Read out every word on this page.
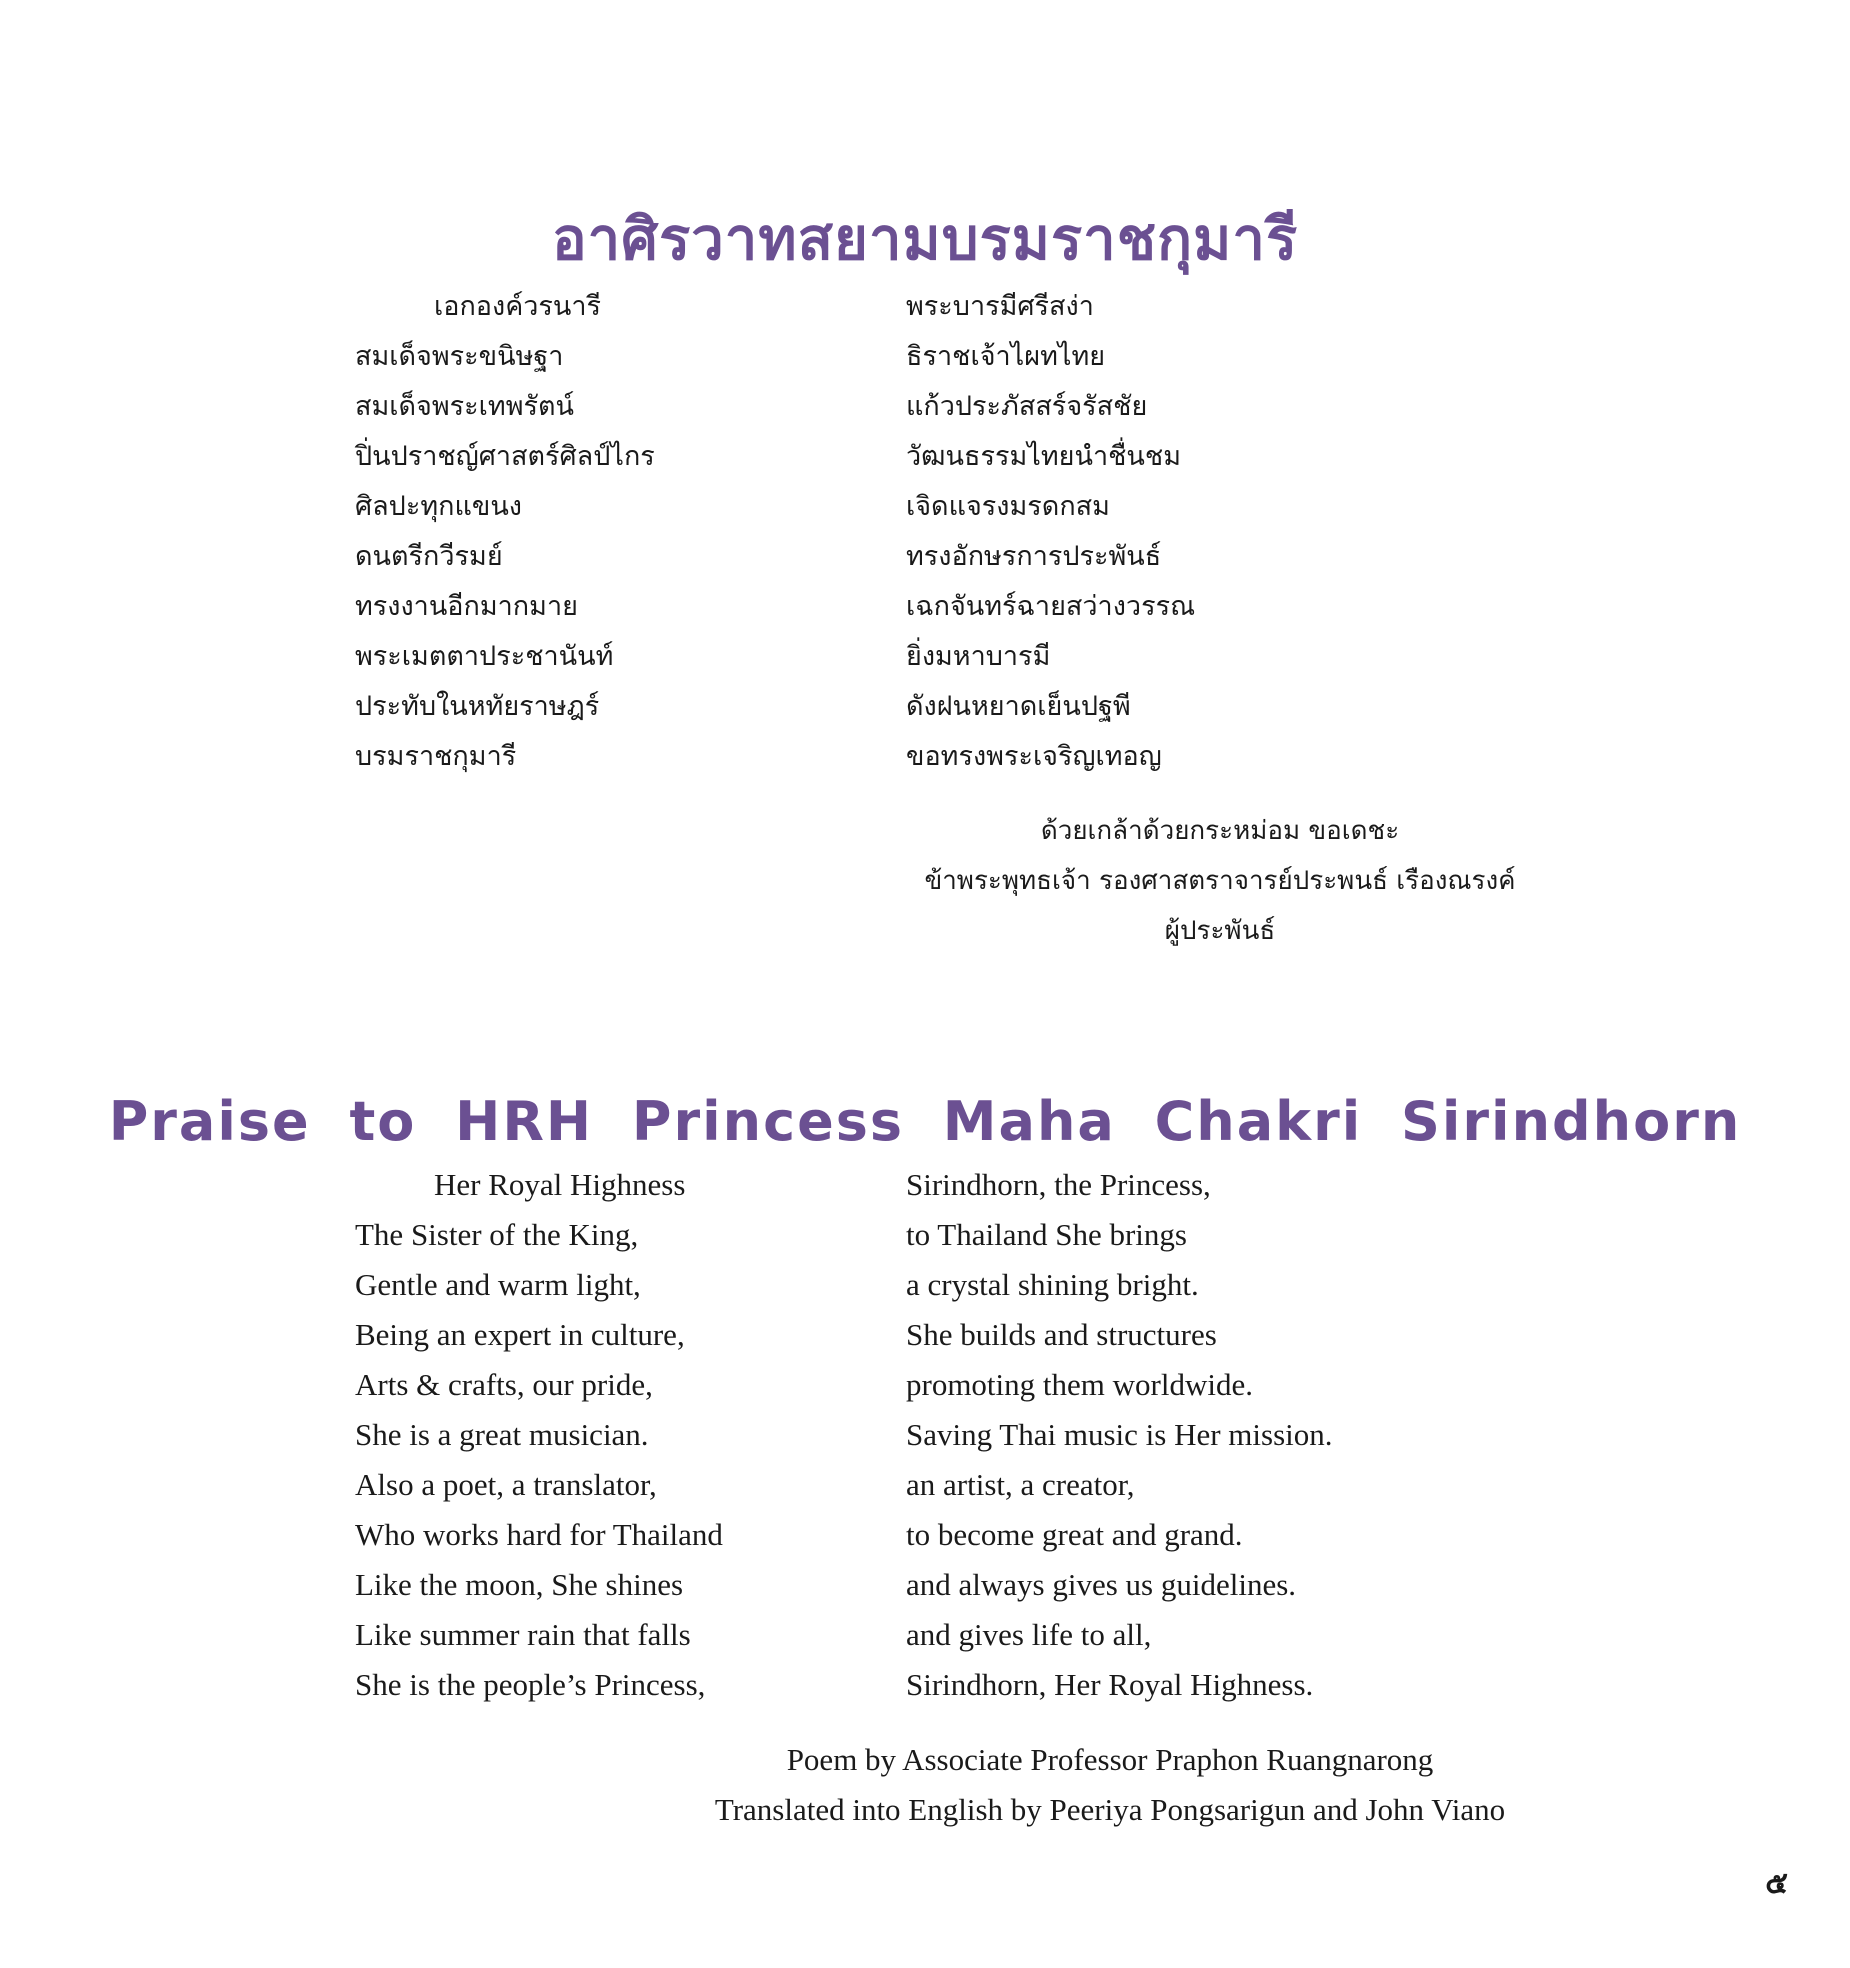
อาศิรวาทสยามบรมราชกุมารี
เอกองค์วรนารี
สมเด็จพระขนิษฐา
สมเด็จพระเทพรัตน์
ปิ่นปราชญ์ศาสตร์ศิลป์ไกร
ศิลปะทุกแขนง
ดนตรีกวีรมย์
ทรงงานอีกมากมาย
พระเมตตาประชานันท์
ประทับในหทัยราษฎร์
บรมราชกุมารี
พระบารมีศรีสง่า
ธิราชเจ้าไผทไทย
แก้วประภัสสร์จรัสชัย
วัฒนธรรมไทยนำชื่นชม
เจิดแจรงมรดกสม
ทรงอักษรการประพันธ์
เฉกจันทร์ฉายสว่างวรรณ
ยิ่งมหาบารมี
ดังฝนหยาดเย็นปฐพี
ขอทรงพระเจริญเทอญ
ด้วยเกล้าด้วยกระหม่อม ขอเดชะ
ข้าพระพุทธเจ้า รองศาสตราจารย์ประพนธ์ เรืองณรงค์
ผู้ประพันธ์
Praise to HRH Princess Maha Chakri Sirindhorn
Her Royal Highness
The Sister of the King,
Gentle and warm light,
Being an expert in culture,
Arts & crafts, our pride,
She is a great musician.
Also a poet, a translator,
Who works hard for Thailand
Like the moon, She shines
Like summer rain that falls
She is the people’s Princess,
Sirindhorn, the Princess,
to Thailand She brings
a crystal shining bright.
She builds and structures
promoting them worldwide.
Saving Thai music is Her mission.
an artist, a creator,
to become great and grand.
and always gives us guidelines.
and gives life to all,
Sirindhorn, Her Royal Highness.
Poem by Associate Professor Praphon Ruangnarong
Translated into English by Peeriya Pongsarigun and John Viano
๕
